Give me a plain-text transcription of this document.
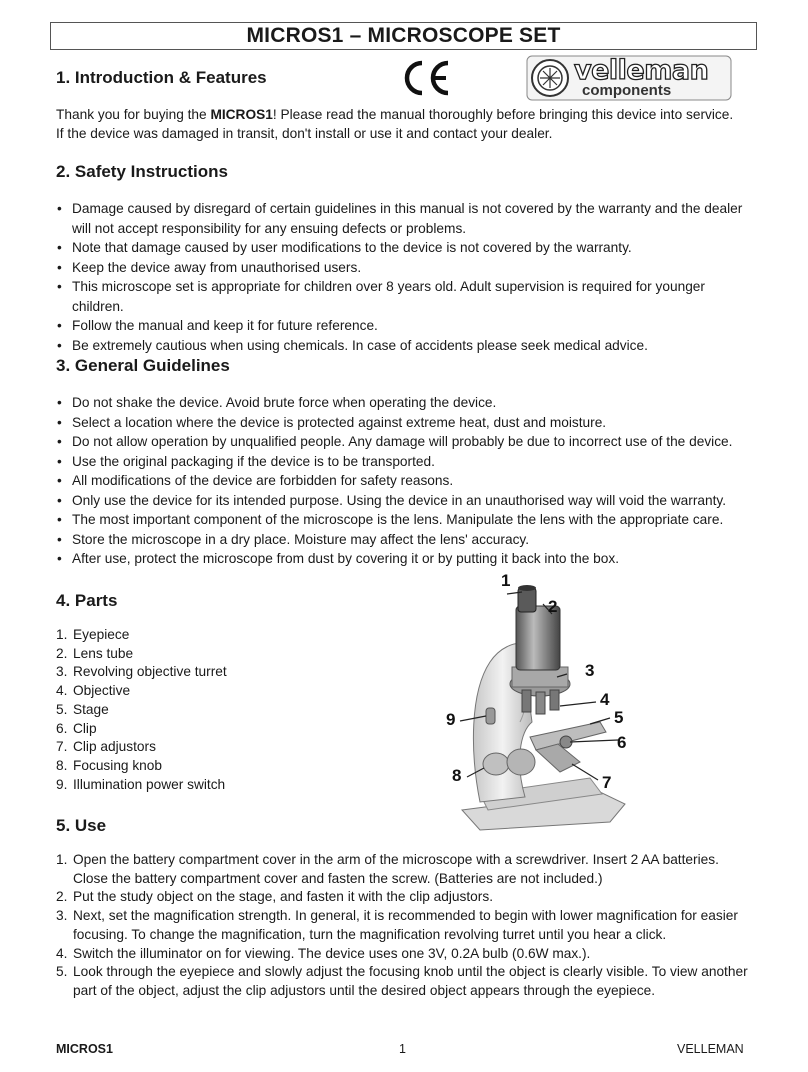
MICROS1 – MICROSCOPE SET
velleman
components
1. Introduction & Features
Thank you for buying the MICROS1! Please read the manual thoroughly before bringing this device into service.
If the device was damaged in transit, don't install or use it and contact your dealer.
2. Safety Instructions
• Damage caused by disregard of certain guidelines in this manual is not covered by the warranty and the dealer will not accept responsibility for any ensuing defects or problems.
• Note that damage caused by user modifications to the device is not covered by the warranty.
• Keep the device away from unauthorised users.
• This microscope set is appropriate for children over 8 years old. Adult supervision is required for younger children.
• Follow the manual and keep it for future reference.
• Be extremely cautious when using chemicals. In case of accidents please seek medical advice.
3. General Guidelines
• Do not shake the device. Avoid brute force when operating the device.
• Select a location where the device is protected against extreme heat, dust and moisture.
• Do not allow operation by unqualified people. Any damage will probably be due to incorrect use of the device.
• Use the original packaging if the device is to be transported.
• All modifications of the device are forbidden for safety reasons.
• Only use the device for its intended purpose. Using the device in an unauthorised way will void the warranty.
• The most important component of the microscope is the lens. Manipulate the lens with the appropriate care.
• Store the microscope in a dry place. Moisture may affect the lens' accuracy.
• After use, protect the microscope from dust by covering it or by putting it back into the box.
4. Parts
1. Eyepiece
2. Lens tube
3. Revolving objective turret
4. Objective
5. Stage
6. Clip
7. Clip adjustors
8. Focusing knob
9. Illumination power switch
1
2
3
4
5
6
7
8
9
5. Use
1. Open the battery compartment cover in the arm of the microscope with a screwdriver. Insert 2 AA batteries. Close the battery compartment cover and fasten the screw. (Batteries are not included.)
2. Put the study object on the stage, and fasten it with the clip adjustors.
3. Next, set the magnification strength. In general, it is recommended to begin with lower magnification for easier focusing. To change the magnification, turn the magnification revolving turret until you hear a click.
4. Switch the illuminator on for viewing. The device uses one 3V, 0.2A bulb (0.6W max.).
5. Look through the eyepiece and slowly adjust the focusing knob until the object is clearly visible. To view another part of the object, adjust the clip adjustors until the desired object appears through the eyepiece.
MICROS1	1	VELLEMAN
